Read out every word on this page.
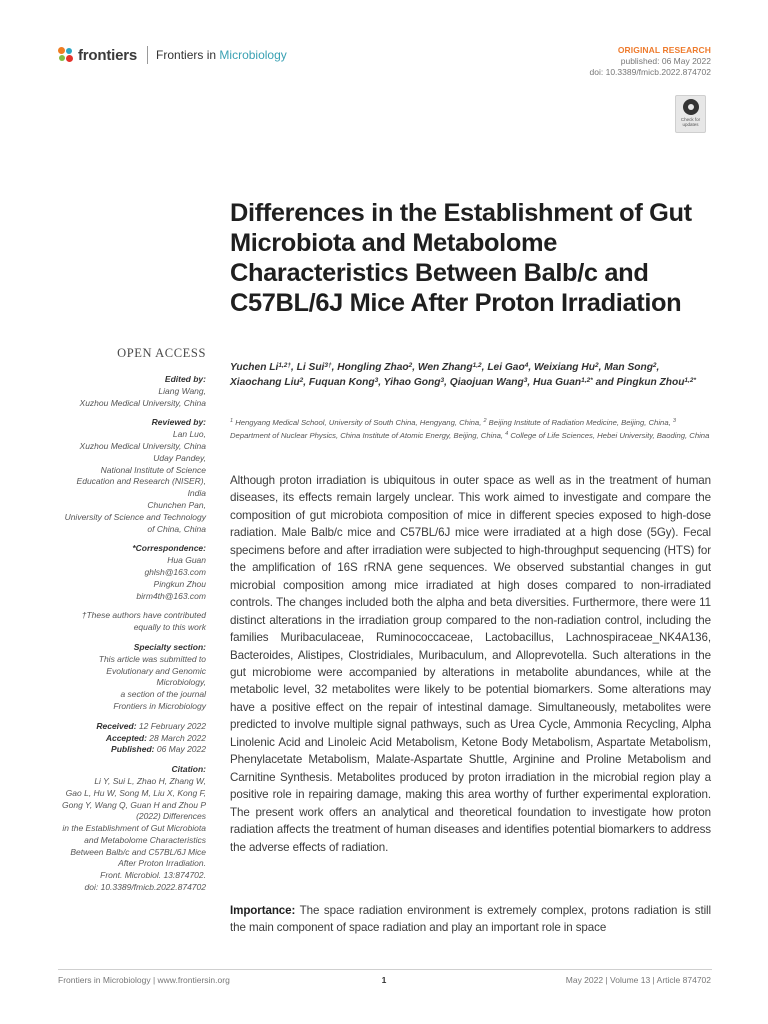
frontiers Frontiers in Microbiology	ORIGINAL RESEARCH
published: 06 May 2022
doi: 10.3389/fmicb.2022.874702
Check for updates
Differences in the Establishment of Gut Microbiota and Metabolome Characteristics Between Balb/c and C57BL/6J Mice After Proton Irradiation
OPEN ACCESS
Edited by:
Liang Wang,
Xuzhou Medical University, China
Reviewed by:
Lan Luo,
Xuzhou Medical University, China
Uday Pandey,
National Institute of Science
Education and Research (NISER),
India
Chunchen Pan,
University of Science and Technology
of China, China
*Correspondence:
Hua Guan
ghlsh@163.com
Pingkun Zhou
birm4th@163.com
†These authors have contributed
equally to this work
Specialty section:
This article was submitted to
Evolutionary and Genomic
Microbiology,
a section of the journal
Frontiers in Microbiology
Received: 12 February 2022
Accepted: 28 March 2022
Published: 06 May 2022
Citation:
Li Y, Sui L, Zhao H, Zhang W,
Gao L, Hu W, Song M, Liu X, Kong F,
Gong Y, Wang Q, Guan H and Zhou P
(2022) Differences
in the Establishment of Gut Microbiota
and Metabolome Characteristics
Between Balb/c and C57BL/6J Mice
After Proton Irradiation.
Front. Microbiol. 13:874702.
doi: 10.3389/fmicb.2022.874702

Yuchen $Li^{1,2\dagger}$, Li Sui$^{3\dagger}$, Hongling Zhao$^2$, Wen Zhang$^{1,2}$, Lei Gao$^4$, Weixiang Hu$^2$, Man Song$^2$, Xiaochang Liu$^2$, Fuquan Kong$^3$, Yihao Gong$^3$, Qiaojuan Wang$^3$, Hua Guan$^{1,2*}$ and Pingkun Zhou$^{1,2*}$

$^1$ Hengyang Medical School, University of South China, Hengyang, China, $^2$ Beijing Institute of Radiation Medicine, Beijing, China, $^3$ Department of Nuclear Physics, China Institute of Atomic Energy, Beijing, China, $^4$ College of Life Sciences, Hebei University, Baoding, China

Although proton irradiation is ubiquitous in outer space as well as in the treatment of human diseases, its effects remain largely unclear. This work aimed to investigate and compare the composition of gut microbiota composition of mice in different species exposed to high-dose radiation. Male Balb/c mice and C57BL/6J mice were irradiated at a high dose (5Gy). Fecal specimens before and after irradiation were subjected to high-throughput sequencing (HTS) for the amplification of 16S rRNA gene sequences. We observed substantial changes in gut microbial composition among mice irradiated at high doses compared to non-irradiated controls. The changes included both the alpha and beta diversities. Furthermore, there were 11 distinct alterations in the irradiation group compared to the non-radiation control, including the families Muribaculaceae, Ruminococcaceae, Lactobacillus, Lachnospiraceae_NK4A136, Bacteroides, Alistipes, Clostridiales, Muribaculum, and Alloprevotella. Such alterations in the gut microbiome were accompanied by alterations in metabolite abundances, while at the metabolic level, 32 metabolites were likely to be potential biomarkers. Some alterations may have a positive effect on the repair of intestinal damage. Simultaneously, metabolites were predicted to involve multiple signal pathways, such as Urea Cycle, Ammonia Recycling, Alpha Linolenic Acid and Linoleic Acid Metabolism, Ketone Body Metabolism, Aspartate Metabolism, Phenylacetate Metabolism, Malate-Aspartate Shuttle, Arginine and Proline Metabolism and Carnitine Synthesis. Metabolites produced by proton irradiation in the microbial region play a positive role in repairing damage, making this area worthy of further experimental exploration. The present work offers an analytical and theoretical foundation to investigate how proton radiation affects the treatment of human diseases and identifies potential biomarkers to address the adverse effects of radiation.

Importance: The space radiation environment is extremely complex, protons radiation is still the main component of space radiation and play an important role in space

Frontiers in Microbiology | www.frontiersin.org	1	May 2022 | Volume 13 | Article 874702
